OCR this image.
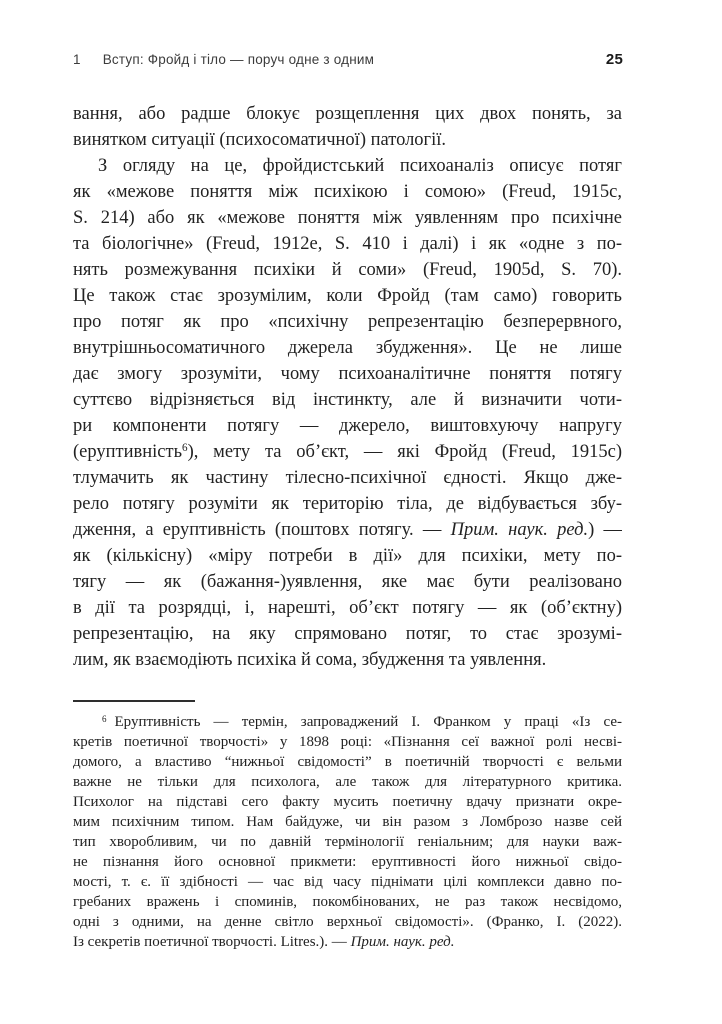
1 Вступ: Фройд і тіло — поруч одне з одним	25
вання, або радше блокує розщеплення цих двох понять, за
винятком ситуації (психосоматичної) патології.
З огляду на це, фройдистський психоаналіз описує потяг
як «межове поняття між психікою і сомою» (Freud, 1915c,
S. 214) або як «межове поняття між уявленням про психічне
та біологічне» (Freud, 1912e, S. 410 і далі) і як «одне з по-
нять розмежування психіки й соми» (Freud, 1905d, S. 70).
Це також стає зрозумілим, коли Фройд (там само) говорить
про потяг як про «психічну репрезентацію безперервного,
внутрішньосоматичного джерела збудження». Це не лише
дає змогу зрозуміти, чому психоаналітичне поняття потягу
суттєво відрізняється від інстинкту, але й визначити чоти-
ри компоненти потягу — джерело, виштовхуючу напругу
(еруптивність$^6$), мету та об’єкт, — які Фройд (Freud, 1915c)
тлумачить як частину тілесно-психічної єдності. Якщо дже-
рело потягу розуміти як територію тіла, де відбувається збу-
дження, а еруптивність (поштовх потягу. — Прим. наук. ред.) —
як (кількісну) «міру потреби в дії» для психіки, мету по-
тягу — як (бажання-)уявлення, яке має бути реалізовано
в дії та розрядці, і, нарешті, об’єкт потягу — як (об’єктну)
репрезентацію, на яку спрямовано потяг, то стає зрозумі-
лим, як взаємодіють психіка й сома, збудження та уявлення.
$^6$ Еруптивність — термін, запроваджений І. Франком у праці «Із се-
кретів поетичної творчості» у 1898 році: «Пізнання сеї важної ролі несві-
домого, а властиво “нижньої свідомості” в поетичній творчості є вельми
важне не тільки для психолога, але також для літературного критика.
Психолог на підставі сего факту мусить поетичну вдачу признати окре-
мим психічним типом. Нам байдуже, чи він разом з Ломброзо назве сей
тип хворобливим, чи по давній термінології геніальним; для науки важ-
не пізнання його основної прикмети: еруптивності його нижньої свідо-
мості, т. є. її здібності — час від часу піднімати цілі комплекси давно по-
гребаних вражень і споминів, покомбінованих, не раз також несвідомо,
одні з одними, на денне світло верхньої свідомості». (Франко, І. (2022).
Із секретів поетичної творчості. Litres.). — Прим. наук. ред.
